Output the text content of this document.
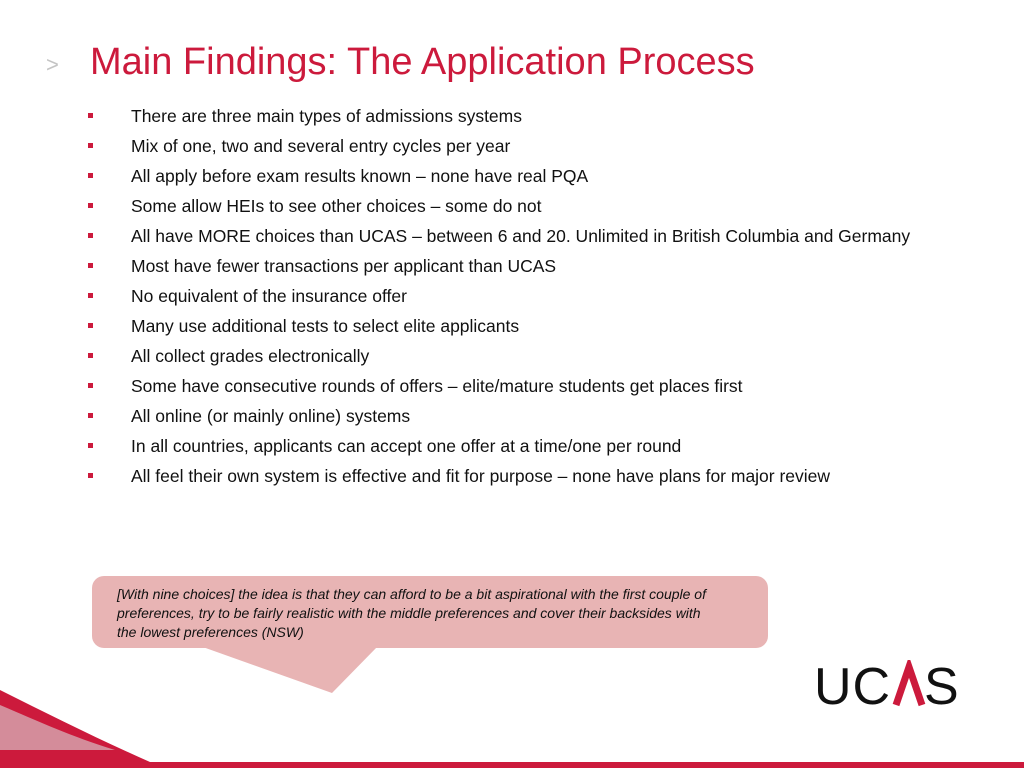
> Main Findings: The Application Process
There are three main types of admissions systems
Mix of one, two and several entry cycles per year
All apply before exam results known – none have real PQA
Some allow HEIs to see other choices – some do not
All have MORE choices than UCAS – between 6 and 20. Unlimited in British Columbia and Germany
Most have fewer transactions per applicant than UCAS
No equivalent of the insurance offer
Many use additional tests to select elite applicants
All collect grades electronically
Some have consecutive rounds of offers – elite/mature students get places first
All online (or mainly online) systems
In all countries, applicants can accept one offer at a time/one per round
All feel their own system is effective and fit for purpose – none have plans for major review

[With nine choices] the idea is that they can afford to be a bit aspirational with the first couple of preferences, try to be fairly realistic with the middle preferences and cover their backsides with the lowest preferences (NSW)

UC S
